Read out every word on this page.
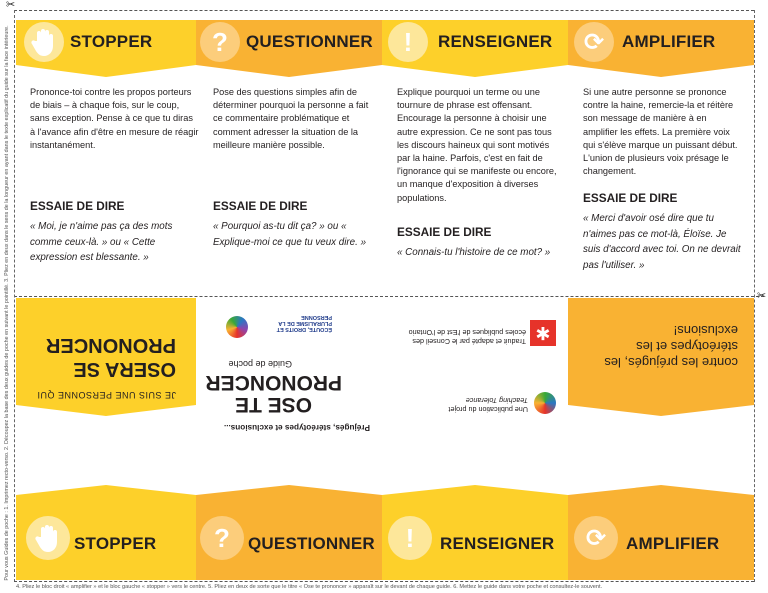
✂
✂
Pour vous Guides de poche : 1. Imprimez recto-verso. 2. Découpez la base des deux guides de poche en suivant le pointillé. 3. Pliez en deux dans le sens de la longueur en ayant dans le texte explicatif du guide sur la face intérieure.	STOPPER	?	QUESTIONNER	!	RENSEIGNER	⟳	AMPLIFIER

Prononce-toi contre les propos porteurs de biais – à chaque fois, sur le coup, sans exception. Pense à ce que tu diras à l'avance afin d'être en mesure de réagir instantanément.

ESSAIE DE DIRE

« Moi, je n'aime pas ça des mots comme ceux-là. » ou « Cette expression est blessante. »

Pose des questions simples afin de déterminer pourquoi la personne a fait ce commentaire problématique et comment adresser la situation de la meilleure manière possible.

ESSAIE DE DIRE

« Pourquoi as-tu dit ça? » ou « Explique-moi ce que tu veux dire. »

Explique pourquoi un terme ou une tournure de phrase est offensant. Encourage la personne à choisir une autre expression. Ce ne sont pas tous les discours haineux qui sont motivés par la haine. Parfois, c'est en fait de l'ignorance qui se manifeste ou encore, un manque d'exposition à diverses populations.

ESSAIE DE DIRE

« Connais-tu l'histoire de ce mot? »

Si une autre personne se prononce contre la haine, remercie-la et réitère son message de manière à en amplifier les effets. La première voix qui s'élève marque un puissant début. L'union de plusieurs voix présage le changement.

ESSAIE DE DIRE

« Merci d'avoir osé dire que tu n'aimes pas ce mot-là, Éloïse. Je suis d'accord avec toi. On ne devrait pas l'utiliser. »

JE SUIS UNE PERSONNE QUI
OSERA SE
PRONONCER
Préjugés, stéréotypes et exclusions...
OSE TE
PRONONCER
Guide de poche
ÉCOUTE, DROITS ET PLURALISME DE LA PERSONNE
Une publication du projet Teaching Tolerance
✱
Traduit et adapté par le Conseil des écoles publiques de l'Est de l'Ontario
contre les préjugés, les stéréotypes et les exclusions!
STOPPER	?	QUESTIONNER	!	RENSEIGNER	⟳	AMPLIFIER
4. Pliez le bloc droit « amplifier » et le bloc gauche « stopper » vers le centre. 5. Pliez en deux de sorte que le titre « Ose te prononcer » apparaît sur le devant de chaque guide. 6. Mettez le guide dans votre poche et consultez-le souvent.
